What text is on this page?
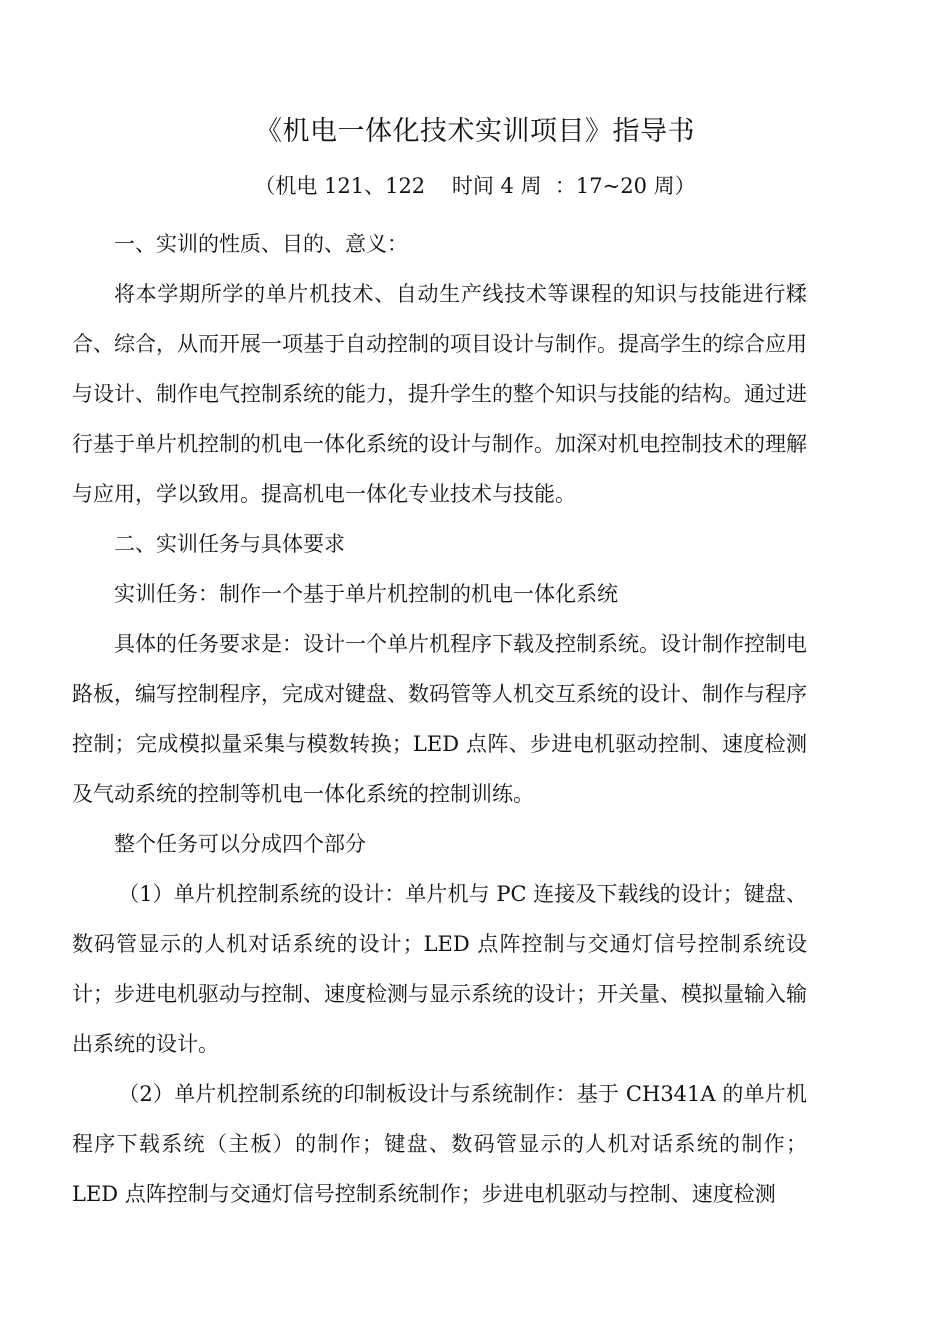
《机电一体化技术实训项目》指导书
（机电 121、122    时间 4 周  ：17~20 周）

一、实训的性质、目的、意义：

将本学期所学的单片机技术、自动生产线技术等课程的知识与技能进行糅合、综合，从而开展一项基于自动控制的项目设计与制作。提高学生的综合应用与设计、制作电气控制系统的能力，提升学生的整个知识与技能的结构。通过进行基于单片机控制的机电一体化系统的设计与制作。加深对机电控制技术的理解与应用，学以致用。提高机电一体化专业技术与技能。

二、实训任务与具体要求

实训任务：制作一个基于单片机控制的机电一体化系统

具体的任务要求是：设计一个单片机程序下载及控制系统。设计制作控制电路板，编写控制程序，完成对键盘、数码管等人机交互系统的设计、制作与程序控制；完成模拟量采集与模数转换；LED 点阵、步进电机驱动控制、速度检测及气动系统的控制等机电一体化系统的控制训练。

整个任务可以分成四个部分

（1）单片机控制系统的设计：单片机与 PC 连接及下载线的设计；键盘、数码管显示的人机对话系统的设计；LED 点阵控制与交通灯信号控制系统设计；步进电机驱动与控制、速度检测与显示系统的设计；开关量、模拟量输入输出系统的设计。

（2）单片机控制系统的印制板设计与系统制作：基于 CH341A 的单片机程序下载系统（主板）的制作；键盘、数码管显示的人机对话系统的制作；LED 点阵控制与交通灯信号控制系统制作；步进电机驱动与控制、速度检测
